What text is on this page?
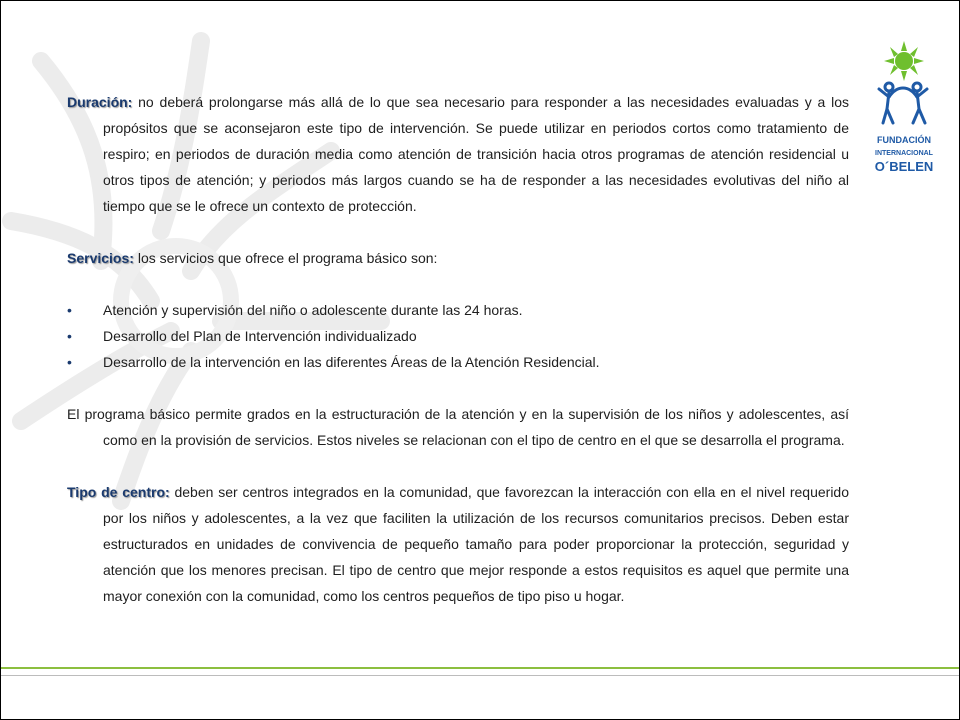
FUNDACIÓN
INTERNACIONAL
O´BELEN

Duración: no deberá prolongarse más allá de lo que sea necesario para responder a las necesidades evaluadas y a los propósitos que se aconsejaron este tipo de intervención. Se puede utilizar en periodos cortos como tratamiento de respiro; en periodos de duración media como atención de transición hacia otros programas de atención residencial u otros tipos de atención; y periodos más largos cuando se ha de responder a las necesidades evolutivas del niño al tiempo que se le ofrece un contexto de protección.

Servicios: los servicios que ofrece el programa básico son:

• Atención y supervisión del niño o adolescente durante las 24 horas.
• Desarrollo del Plan de Intervención individualizado
• Desarrollo de la intervención en las diferentes Áreas de la Atención Residencial.

El programa básico permite grados en la estructuración de la atención y en la supervisión de los niños y adolescentes, así como en la provisión de servicios. Estos niveles se relacionan con el tipo de centro en el que se desarrolla el programa.

Tipo de centro: deben ser centros integrados en la comunidad, que favorezcan la interacción con ella en el nivel requerido por los niños y adolescentes, a la vez que faciliten la utilización de los recursos comunitarios precisos. Deben estar estructurados en unidades de convivencia de pequeño tamaño para poder proporcionar la protección, seguridad y atención que los menores precisan. El tipo de centro que mejor responde a estos requisitos es aquel que permite una mayor conexión con la comunidad, como los centros pequeños de tipo piso u hogar.
